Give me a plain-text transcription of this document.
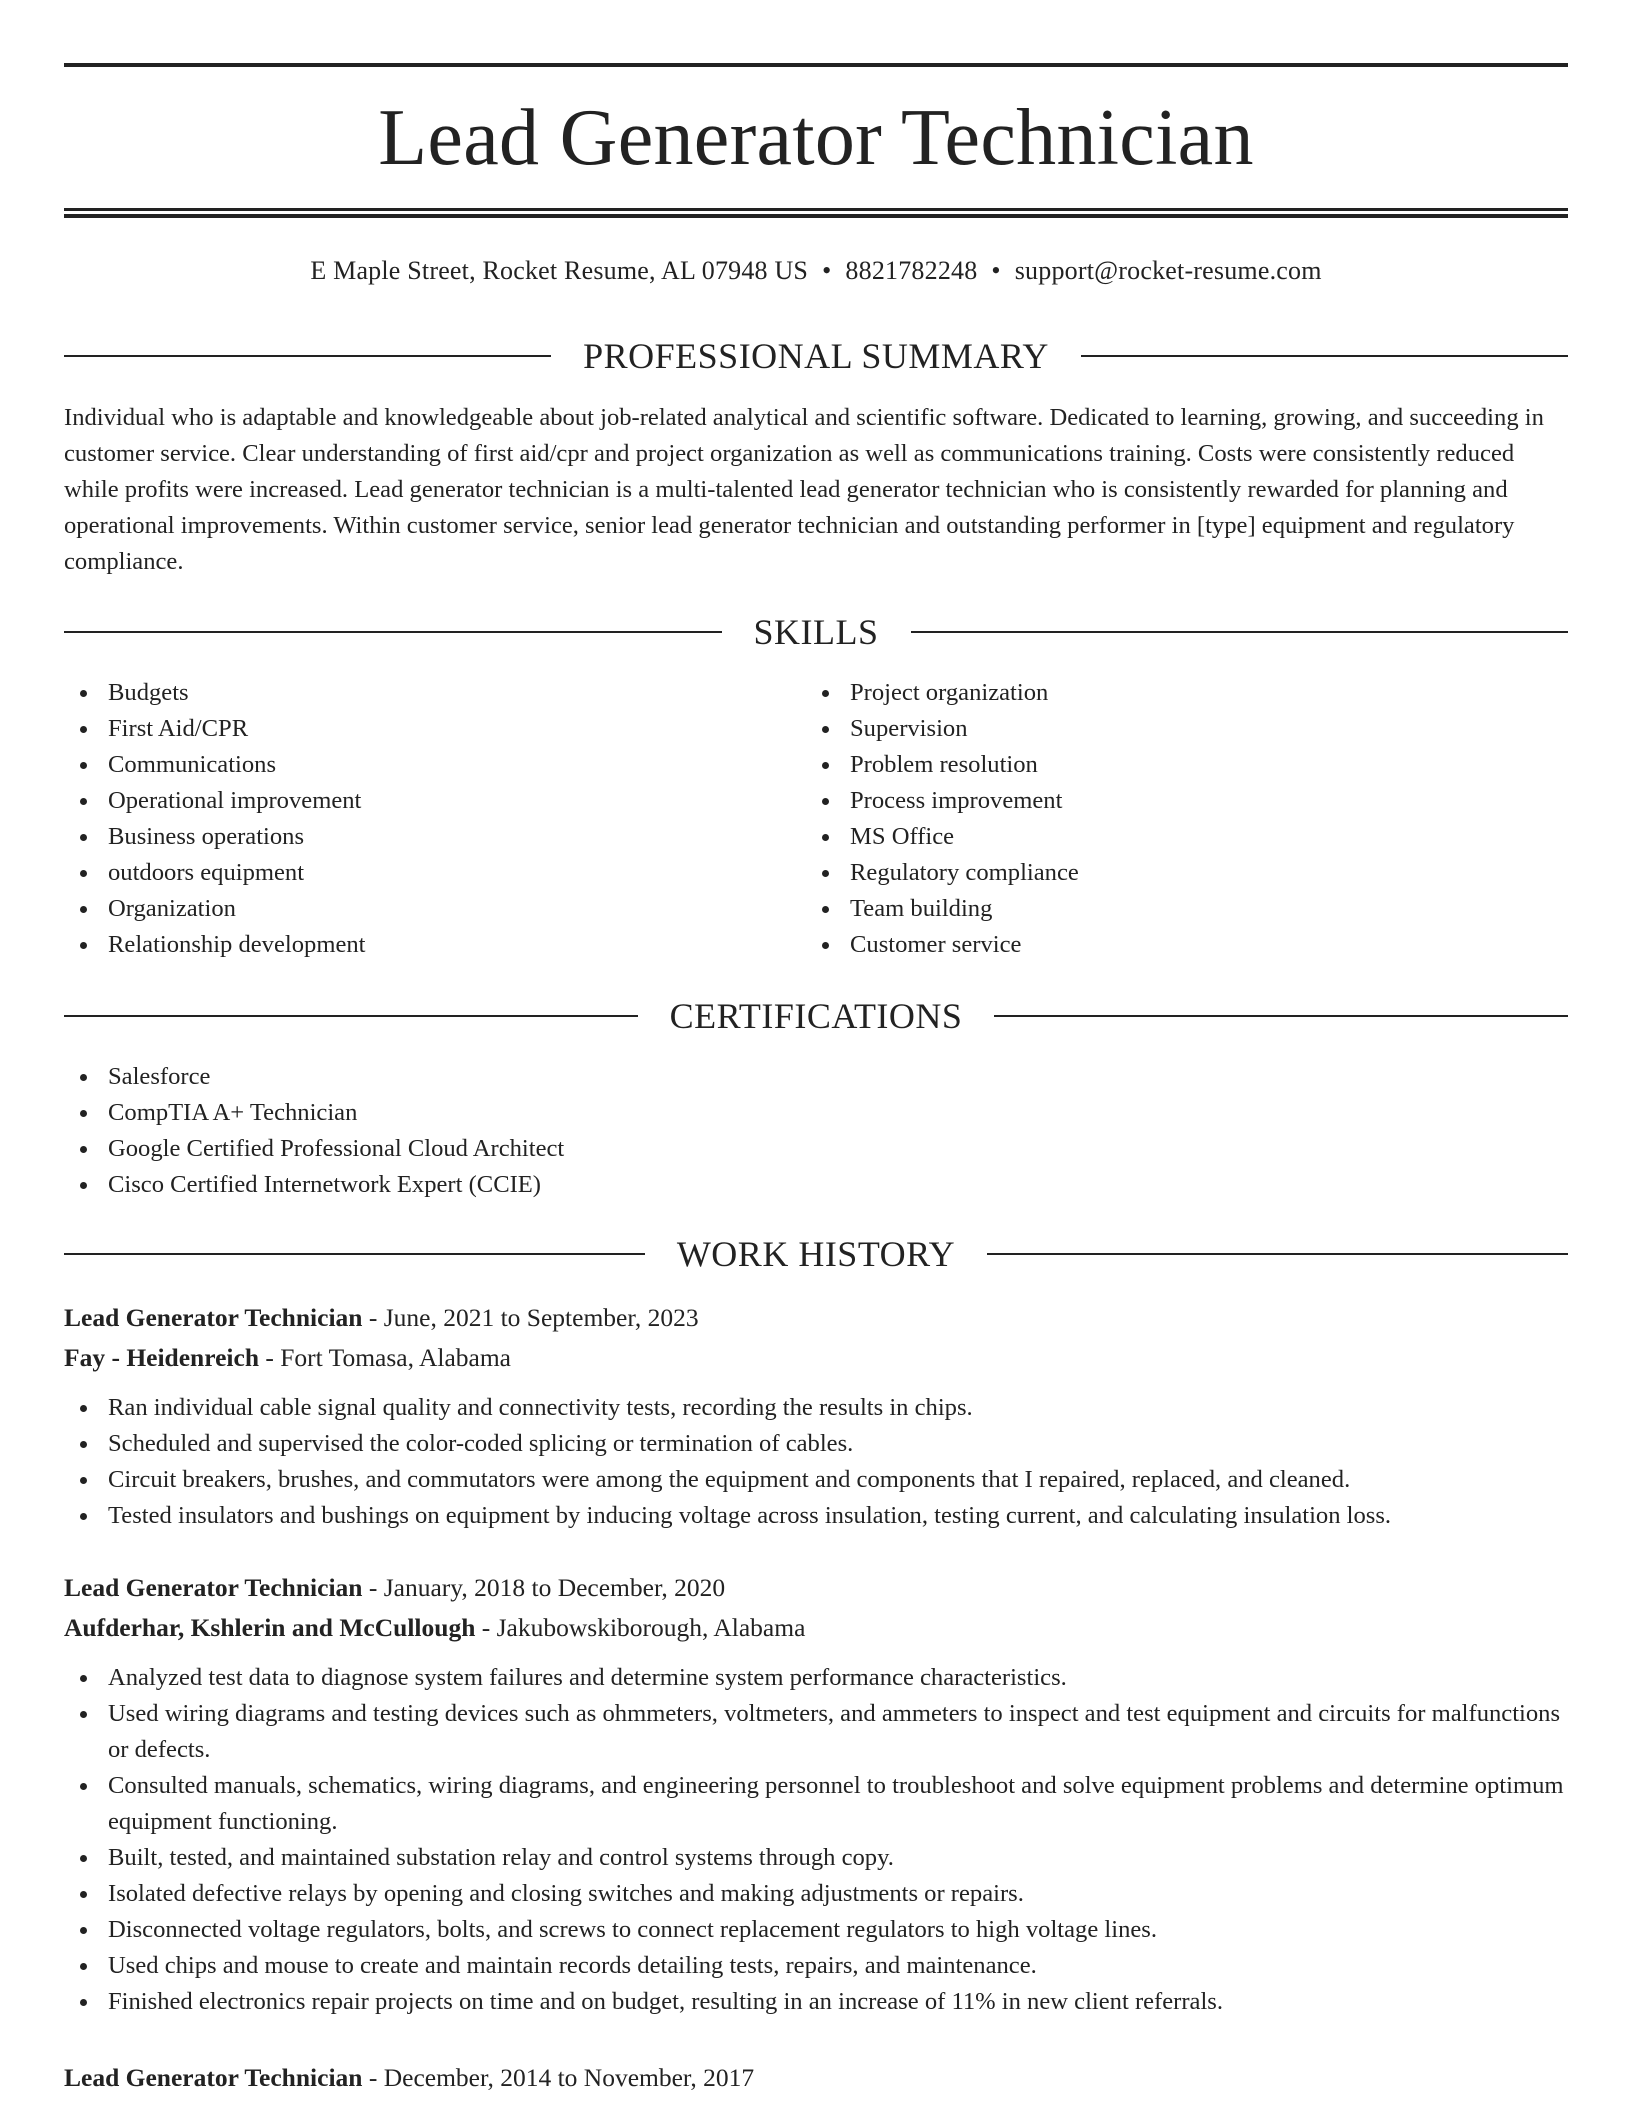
Lead Generator Technician
E Maple Street, Rocket Resume, AL 07948 US • 8821782248 • support@rocket-resume.com
PROFESSIONAL SUMMARY

Individual who is adaptable and knowledgeable about job-related analytical and scientific software. Dedicated to learning, growing, and succeeding in customer service. Clear understanding of first aid/cpr and project organization as well as communications training. Costs were consistently reduced while profits were increased. Lead generator technician is a multi-talented lead generator technician who is consistently rewarded for planning and operational improvements. Within customer service, senior lead generator technician and outstanding performer in [type] equipment and regulatory compliance.

SKILLS
Budgets
First Aid/CPR
Communications
Operational improvement
Business operations
outdoors equipment
Organization
Relationship development
Project organization
Supervision
Problem resolution
Process improvement
MS Office
Regulatory compliance
Team building
Customer service
CERTIFICATIONS
Salesforce
CompTIA A+ Technician
Google Certified Professional Cloud Architect
Cisco Certified Internetwork Expert (CCIE)
WORK HISTORY
Lead Generator Technician - June, 2021 to September, 2023
Fay - Heidenreich - Fort Tomasa, Alabama
Ran individual cable signal quality and connectivity tests, recording the results in chips.
Scheduled and supervised the color-coded splicing or termination of cables.
Circuit breakers, brushes, and commutators were among the equipment and components that I repaired, replaced, and cleaned.
Tested insulators and bushings on equipment by inducing voltage across insulation, testing current, and calculating insulation loss.
Lead Generator Technician - January, 2018 to December, 2020
Aufderhar, Kshlerin and McCullough - Jakubowskiborough, Alabama
Analyzed test data to diagnose system failures and determine system performance characteristics.
Used wiring diagrams and testing devices such as ohmmeters, voltmeters, and ammeters to inspect and test equipment and circuits for malfunctions or defects.
Consulted manuals, schematics, wiring diagrams, and engineering personnel to troubleshoot and solve equipment problems and determine optimum equipment functioning.
Built, tested, and maintained substation relay and control systems through copy.
Isolated defective relays by opening and closing switches and making adjustments or repairs.
Disconnected voltage regulators, bolts, and screws to connect replacement regulators to high voltage lines.
Used chips and mouse to create and maintain records detailing tests, repairs, and maintenance.
Finished electronics repair projects on time and on budget, resulting in an increase of 11% in new client referrals.
Lead Generator Technician - December, 2014 to November, 2017
